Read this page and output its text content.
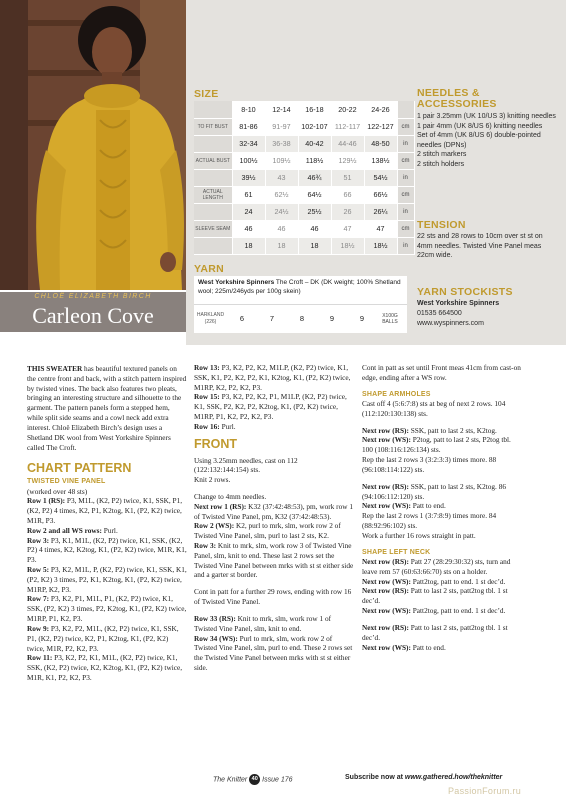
CHLOË ELIZABETH BIRCH
Carleon Cove
SIZE
	8-10	12-14	16-18	20-22	24-26	
TO FIT BUST	81-86	91-97	102-107	112-117	122-127	cm
	32-34	36-38	40-42	44-46	48-50	in
ACTUAL BUST	100½	109½	118½	129½	138½	cm
	39½	43	46¾	51	54½	in
ACTUAL LENGTH	61	62½	64½	66	66½	cm
	24	24½	25½	26	26¼	in
SLEEVE SEAM	46	46	46	47	47	cm
	18	18	18	18½	18½	in
YARN
West Yorkshire Spinners The Croft – DK (DK weight; 100% Shetland wool; 225m/246yds per 100g skein)
HARKLAND (226)	6	7	8	9	9	X100G BALLS
NEEDLES &
ACCESSORIES
1 pair 3.25mm (UK 10/US 3) knitting needles
1 pair 4mm (UK 8/US 6) knitting needles
Set of 4mm (UK 8/US 6) double-pointed needles (DPNs)
2 stitch markers
2 stitch holders
TENSION
22 sts and 28 rows to 10cm over st st on 4mm needles. Twisted Vine Panel meas 22cm wide.
YARN STOCKISTS
West Yorkshire Spinners
01535 664500
www.wyspinners.com

THIS SWEATER has beautiful textured panels on the centre front and back, with a stitch pattern inspired by twisted vines. The back also features two pleats, bringing an interesting structure and silhouette to the garment. The pattern panels form a stepped hem, while split side seams and a cowl neck add extra interest. Chloë Elizabeth Birch’s design uses a Shetland DK wool from West Yorkshire Spinners called The Croft.

CHART PATTERN
TWISTED VINE PANEL

(worked over 48 sts)

Row 1 (RS): P3, M1L, (K2, P2) twice, K1, SSK, P1, (K2, P2) 4 times, K2, P1, K2tog, K1, (P2, K2) twice, M1R, P3.

Row 2 and all WS rows: Purl.

Row 3: P3, K1, M1L, (K2, P2) twice, K1, SSK, (K2, P2) 4 times, K2, K2tog, K1, (P2, K2) twice, M1R, K1, P3.

Row 5: P3, K2, M1L, P, (K2, P2) twice, K1, SSK, K1, (P2, K2) 3 times, P2, K1, K2tog, K1, (P2, K2) twice, M1RP, K2, P3.

Row 7: P3, K2, P1, M1L, P1, (K2, P2) twice, K1, SSK, (P2, K2) 3 times, P2, K2tog, K1, (P2, K2) twice, M1RP, P1, K2, P3.

Row 9: P3, K2, P2, M1L, (K2, P2) twice, K1, SSK, P1, (K2, P2) twice, K2, P1, K2tog, K1, (P2, K2) twice, M1R, P2, K2, P3.

Row 11: P3, K2, P2, K1, M1L, (K2, P2) twice, K1, SSK, (K2, P2) twice, K2, K2tog, K1, (P2, K2) twice, M1R, K1, P2, K2, P3.

Row 13: P3, K2, P2, K2, M1LP, (K2, P2) twice, K1, SSK, K1, P2, K2, P2, K1, K2tog, K1, (P2, K2) twice, M1RP, K2, P2, K2, P3.

Row 15: P3, K2, P2, K2, P1, M1LP, (K2, P2) twice, K1, SSK, P2, K2, P2, K2tog, K1, (P2, K2) twice, M1RP, P1, K2, P2, K2, P3.

Row 16: Purl.

FRONT

Using 3.25mm needles, cast on 112 (122:132:144:154) sts.

Knit 2 rows.

Change to 4mm needles.

Next row 1 (RS): K32 (37:42:48:53), pm, work row 1 of Twisted Vine Panel, pm, K32 (37:42:48:53).

Row 2 (WS): K2, purl to mrk, slm, work row 2 of Twisted Vine Panel, slm, purl to last 2 sts, K2.

Row 3: Knit to mrk, slm, work row 3 of Twisted Vine Panel, slm, knit to end. These last 2 rows set the Twisted Vine Panel between mrks with st st either side and a garter st border.

Cont in patt for a further 29 rows, ending with row 16 of Twisted Vine Panel.

Row 33 (RS): Knit to mrk, slm, work row 1 of Twisted Vine Panel, slm, knit to end.

Row 34 (WS): Purl to mrk, slm, work row 2 of Twisted Vine Panel, slm, purl to end. These 2 rows set the Twisted Vine Panel between mrks with st st either side.

Cont in patt as set until Front meas 41cm from cast-on edge, ending after a WS row.

SHAPE ARMHOLES

Cast off 4 (5:6:7:8) sts at beg of next 2 rows. 104 (112:120:130:138) sts.

Next row (RS): SSK, patt to last 2 sts, K2tog.

Next row (WS): P2tog, patt to last 2 sts, P2tog tbl.

100 (108:116:126:134) sts.

Rep the last 2 rows 3 (3:2:3:3) times more. 88 (96:108:114:122) sts.

Next row (RS): SSK, patt to last 2 sts, K2tog. 86 (94:106:112:120) sts.

Next row (WS): Patt to end.

Rep the last 2 rows 1 (3:7:8:9) times more. 84 (88:92:96:102) sts.

Work a further 16 rows straight in patt.

SHAPE LEFT NECK

Next row (RS): Patt 27 (28:29:30:32) sts, turn and leave rem 57 (60:63:66:70) sts on a holder.

Next row (WS): Patt2tog, patt to end. 1 st dec’d.

Next row (RS): Patt to last 2 sts, patt2tog tbl. 1 st dec’d.

Next row (WS): Patt2tog, patt to end. 1 st dec’d.

Next row (RS): Patt to last 2 sts, patt2tog tbl. 1 st dec’d.

Next row (WS): Patt to end.

The Knitter 40 Issue 176	Subscribe now at www.gathered.how/theknitter
PassionForum.ru
